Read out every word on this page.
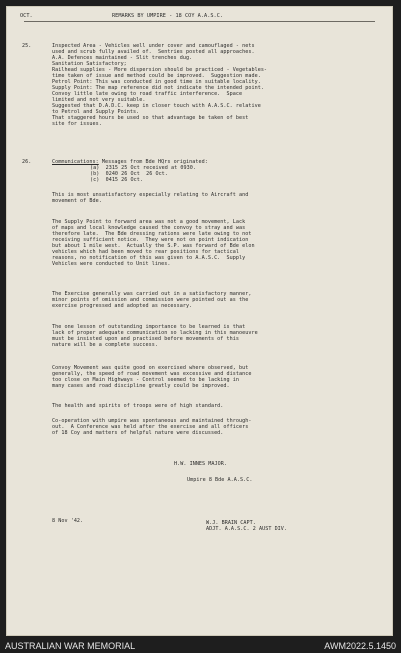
OCT.	REMARKS BY UMPIRE - 18 COY A.A.S.C.
25.	Inspected Area - Vehicles well under cover and camouflaged - nets
used and scrub fully availed of.  Sentries posted all approaches.
A.A. Defences maintained - Slit trenches dug.
Sanitation Satisfactory;
Railhead supplies - More dispersion should be practiced - Vegetables-
time taken of issue and method could be improved.  Suggestion made.
Petrol Point: This was conducted in good time in suitable locality.
Supply Point: The map reference did not indicate the intended point.
Convoy little late owing to road traffic interference.  Space
limited and not very suitable.
Suggested that D.A.D.C. keep in closer touch with A.A.S.C. relative
to Petrol and Supply Points.
That staggered hours be used so that advantage be taken of best
site for issues.
26.	Communications: Messages from Bde HQrs originated:
(a)  2315 25 Oct received at 0930.
(b)  0240 26 Oct  26 Oct.
(c)  0415 26 Oct.
This is most unsatisfactory especially relating to Aircraft and
movement of Bde.
The Supply Point to forward area was not a good movement, Lack
of maps and local knowledge caused the convoy to stray and was
therefore late.  The Bde dressing rations were late owing to not
receiving sufficient notice.  They were not on point indication
but about 1 mile west.  Actually the S.P. was forward of Bde elon
vehicles which had been moved to rear positions for tactical
reasons, no notification of this was given to A.A.S.C.  Supply
Vehicles were conducted to Unit lines.
The Exercise generally was carried out in a satisfactory manner,
minor points of omission and commission were pointed out as the
exercise progressed and adopted as necessary.
The one lesson of outstanding importance to be learned is that
lack of proper adequate communication so lacking in this manoeuvre
must be insisted upon and practised before movements of this
nature will be a complete success.
Convoy Movement was quite good on exercised where observed, but
generally, the speed of road movement was excessive and distance
too close on Main Highways - Control seemed to be lacking in
many cases and road discipline greatly could be improved.
The health and spirits of troops were of high standard.
Co-operation with umpire was spontaneous and maintained through-
out.  A Conference was held after the exercise and all officers
of 18 Coy and matters of helpful nature were discussed.
H.W. INNES MAJOR.
Umpire 8 Bde A.A.S.C.
8 Nov '42.	W.J. BRAIN CAPT.
ADJT. A.A.S.C. 2 AUST DIV.
AUSTRALIAN WAR MEMORIAL	AWM2022.5.1450
